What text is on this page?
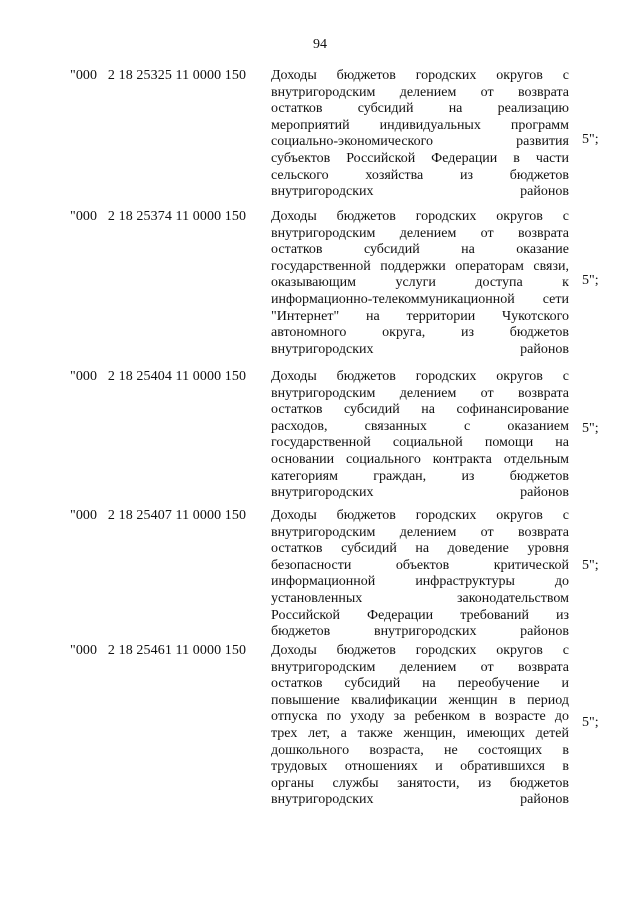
94
"000   2 18 25325 11 0000 150 Доходы бюджетов городских округов с
внутригородским делением от возврата
остатков	субсидий	на	реализацию
мероприятий индивидуальных программ
социально-экономического	развития
субъектов Российской Федерации в части
сельского	хозяйства	из	бюджетов
внутригородских районов
5";
"000   2 18 25374 11 0000 150 Доходы бюджетов городских округов с
внутригородским делением от возврата
остатков	субсидий	на	оказание
государственной поддержки операторам связи,
оказывающим	услуги	доступа	к
информационно-телекоммуникационной сети
"Интернет" на территории Чукотского
автономного	округа,	из	бюджетов
внутригородских районов
5";
"000   2 18 25404 11 0000 150 Доходы бюджетов городских округов с
внутригородским делением от возврата
остатков субсидий на софинансирование
расходов,	связанных	с	оказанием
государственной социальной помощи на
основании социального контракта отдельным
категориям	граждан,	из	бюджетов
внутригородских районов
5";
"000   2 18 25407 11 0000 150 Доходы бюджетов городских округов с
внутригородским делением от возврата
остатков субсидий на доведение уровня
безопасности	объектов	критической
информационной	инфраструктуры	до
установленных	законодательством
Российской Федерации требований из
бюджетов внутригородских районов
5";
"000   2 18 25461 11 0000 150 Доходы бюджетов городских округов с
внутригородским делением от возврата
остатков субсидий на переобучение и
повышение квалификации женщин в период
отпуска по уходу за ребенком в возрасте до
трех лет, а также женщин, имеющих детей
дошкольного возраста, не состоящих в
трудовых отношениях и обратившихся в
органы службы занятости, из бюджетов
внутригородских районов
5";
